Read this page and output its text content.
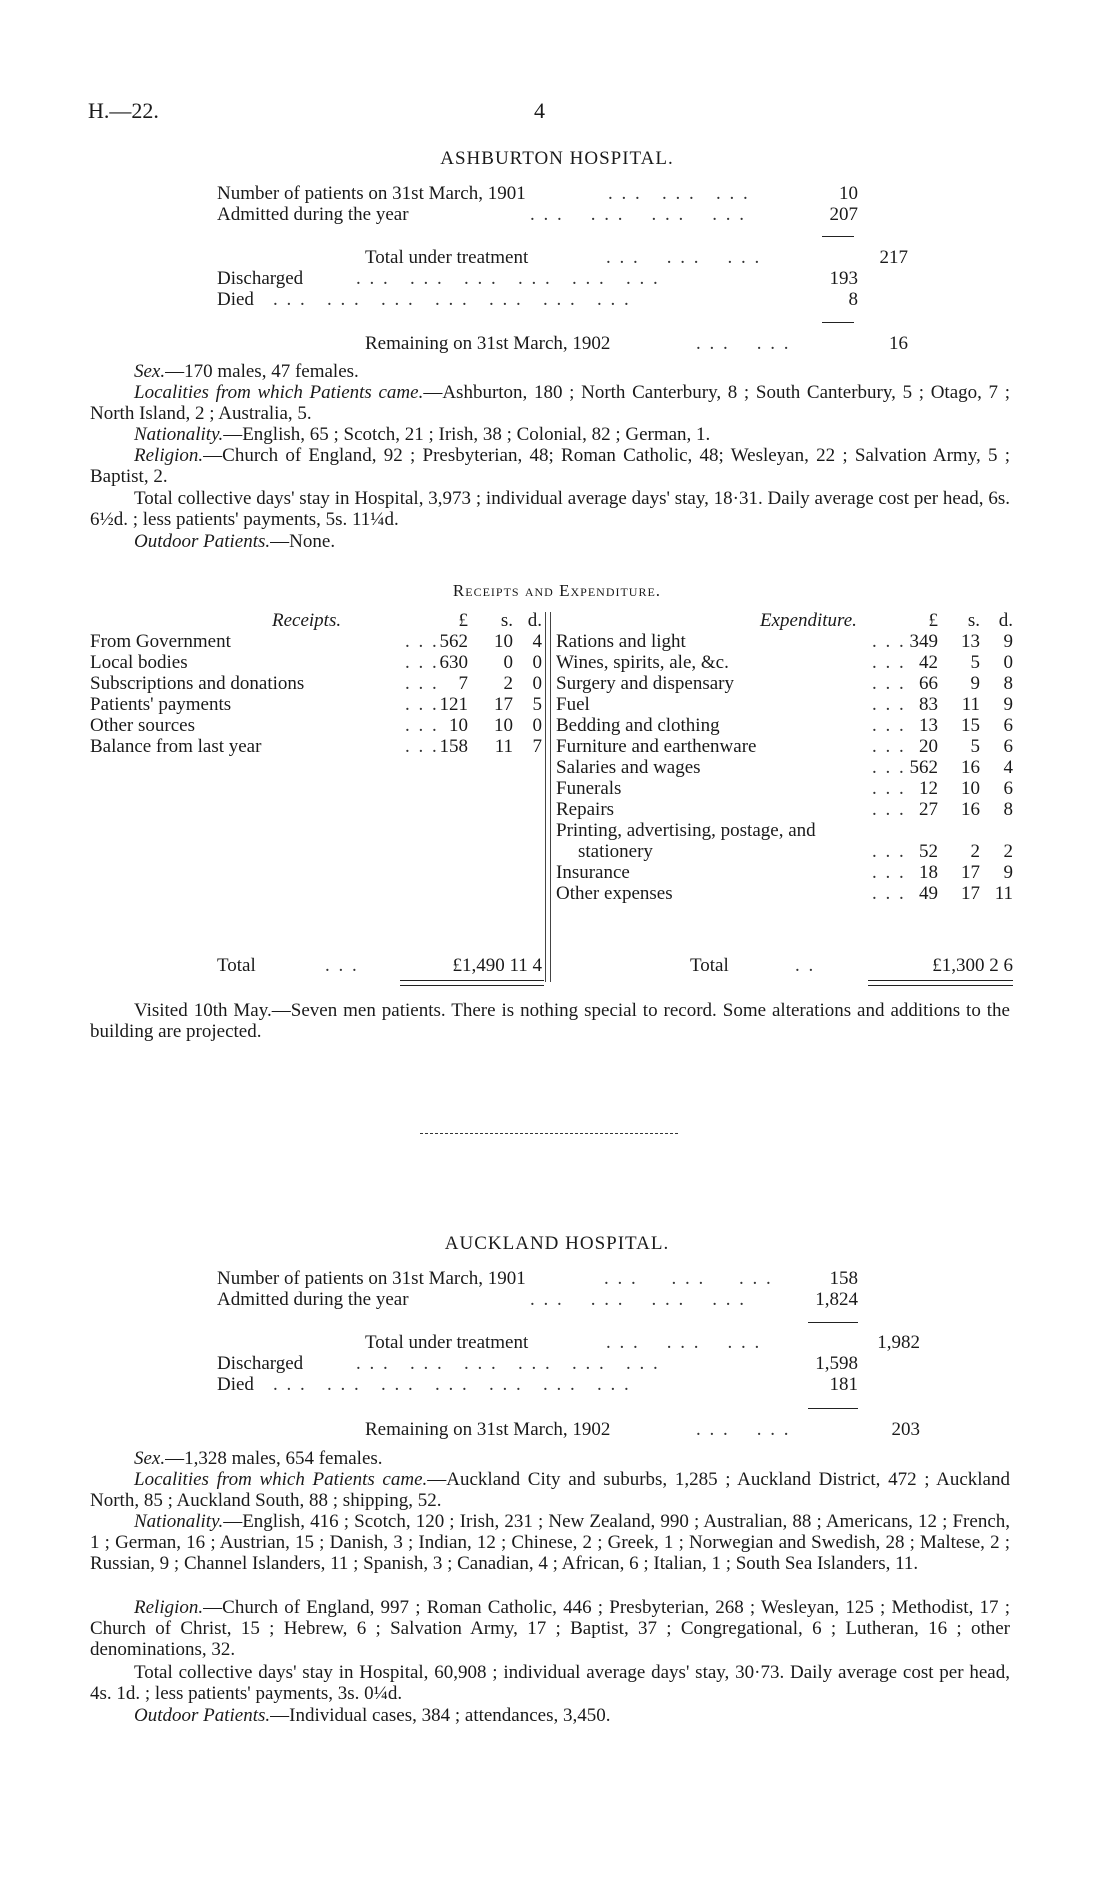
H.—22.	4
ASHBURTON HOSPITAL.
Number of patients on 31st March, 1901	. . .   . . .   . . .	10
Admitted during the year	. . .    . . .    . . .    . . .	207
Total under treatment	. . .    . . .    . . .	217
Discharged	. . .   . . .   . . .   . . .   . . .   . . .	193
Died . . .   . . .   . . .   . . .   . . .   . . .   . . .	8
Remaining on 31st March, 1902	. . .    . . .	16
Sex.—170 males, 47 females.
Localities from which Patients came.—Ashburton, 180 ; North Canterbury, 8 ; South Canterbury, 5 ; Otago, 7 ; North Island, 2 ; Australia, 5.
Nationality.—English, 65 ; Scotch, 21 ; Irish, 38 ; Colonial, 82 ; German, 1.
Religion.—Church of England, 92 ; Presbyterian, 48; Roman Catholic, 48; Wesleyan, 22 ; Salvation Army, 5 ; Baptist, 2.
Total collective days' stay in Hospital, 3,973 ; individual average days' stay, 18·31. Daily average cost per head, 6s. 6½d. ; less patients' payments, 5s. 11¼d.
Outdoor Patients.—None.
Receipts and Expenditure.
Receipts.	£	s. d.	Expenditure.	£	s. d.
From Government	. . . 562	10	4
Local bodies	. . . 630	0	0
Subscriptions and donations	. . .	7	2	0
Patients' payments	. . . 121	17	5
Other sources	. . . 10	10	0
Balance from last year	. . . 158	11	7
Rations and light	. . . 349	13	9
Wines, spirits, ale, &c.	. . . 42	5	0
Surgery and dispensary	. . . 66	9	8
Fuel	. . . 83	11	9
Bedding and clothing	. . . 13	15	6
Furniture and earthenware	. . . 20	5	6
Salaries and wages	. . . 562	16	4
Funerals	. . . 12	10	6
Repairs	. . . 27	16	8
Printing, advertising, postage, and
stationery	. . . 52	2	2
Insurance	. . . 18	17	9
Other expenses	. . . 49	17 11
Total	. . .	£1,490 11 4	Total	. .	£1,300 2 6
Visited 10th May.—Seven men patients. There is nothing special to record. Some alterations and additions to the building are projected.
AUCKLAND HOSPITAL.
Number of patients on 31st March, 1901	. . .     . . .     . . .	158
Admitted during the year	. . .    . . .    . . .    . . .	1,824
Total under treatment	. . .    . . .    . . .	1,982
Discharged	. . .   . . .   . . .   . . .   . . .   . . .	1,598
Died . . .   . . .   . . .   . . .   . . .   . . .   . . .	181
Remaining on 31st March, 1902	. . .    . . .	203
Sex.—1,328 males, 654 females.
Localities from which Patients came.—Auckland City and suburbs, 1,285 ; Auckland District, 472 ; Auckland North, 85 ; Auckland South, 88 ; shipping, 52.
Nationality.—English, 416 ; Scotch, 120 ; Irish, 231 ; New Zealand, 990 ; Australian, 88 ; Americans, 12 ; French, 1 ; German, 16 ; Austrian, 15 ; Danish, 3 ; Indian, 12 ; Chinese, 2 ; Greek, 1 ; Norwegian and Swedish, 28 ; Maltese, 2 ; Russian, 9 ; Channel Islanders, 11 ; Spanish, 3 ; Canadian, 4 ; African, 6 ; Italian, 1 ; South Sea Islanders, 11.
Religion.—Church of England, 997 ; Roman Catholic, 446 ; Presbyterian, 268 ; Wesleyan, 125 ; Methodist, 17 ; Church of Christ, 15 ; Hebrew, 6 ; Salvation Army, 17 ; Baptist, 37 ; Congregational, 6 ; Lutheran, 16 ; other denominations, 32.
Total collective days' stay in Hospital, 60,908 ; individual average days' stay, 30·73. Daily average cost per head, 4s. 1d. ; less patients' payments, 3s. 0¼d.
Outdoor Patients.—Individual cases, 384 ; attendances, 3,450.
